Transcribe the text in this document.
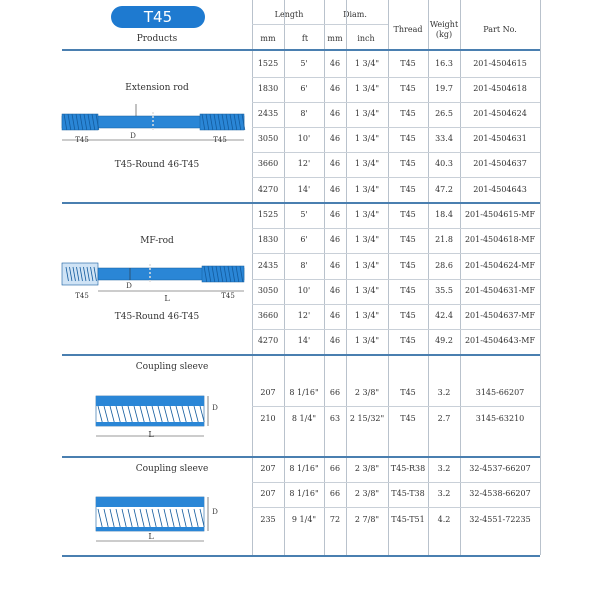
T45
Products
Length	Diam.
Thread
Weight
(kg)
Part No.
mm	ft	mm	inch
1525	5'	46	1 3/4"	T45	16.3	201-4504615
1830	6'	46	1 3/4"	T45	19.7	201-4504618
2435	8'	46	1 3/4"	T45	26.5	201-4504624
3050	10'	46	1 3/4"	T45	33.4	201-4504631
3660	12'	46	1 3/4"	T45	40.3	201-4504637
4270	14'	46	1 3/4"	T45	47.2	201-4504643
1525	5'	46	1 3/4"	T45	18.4	201-4504615-MF
1830	6'	46	1 3/4"	T45	21.8	201-4504618-MF
2435	8'	46	1 3/4"	T45	28.6	201-4504624-MF
3050	10'	46	1 3/4"	T45	35.5	201-4504631-MF
3660	12'	46	1 3/4"	T45	42.4	201-4504637-MF
4270	14'	46	1 3/4"	T45	49.2	201-4504643-MF
207	8 1/16"	66	2 3/8"	T45	3.2	3145-66207
210	8 1/4"	63	2 15/32"	T45	2.7	3145-63210
207	8 1/16"	66	2 3/8"	T45-R38	3.2	32-4537-66207
207	8 1/16"	66	2 3/8"	T45-T38	3.2	32-4538-66207
235	9 1/4"	72	2 7/8"	T45-T51	4.2	32-4551-72235
Extension rod
T45-Round 46-T45
T45	T45
D
MF-rod
T45-Round 46-T45
T45	T45
L
D
Coupling sleeve
L
D
Coupling sleeve
L
D
